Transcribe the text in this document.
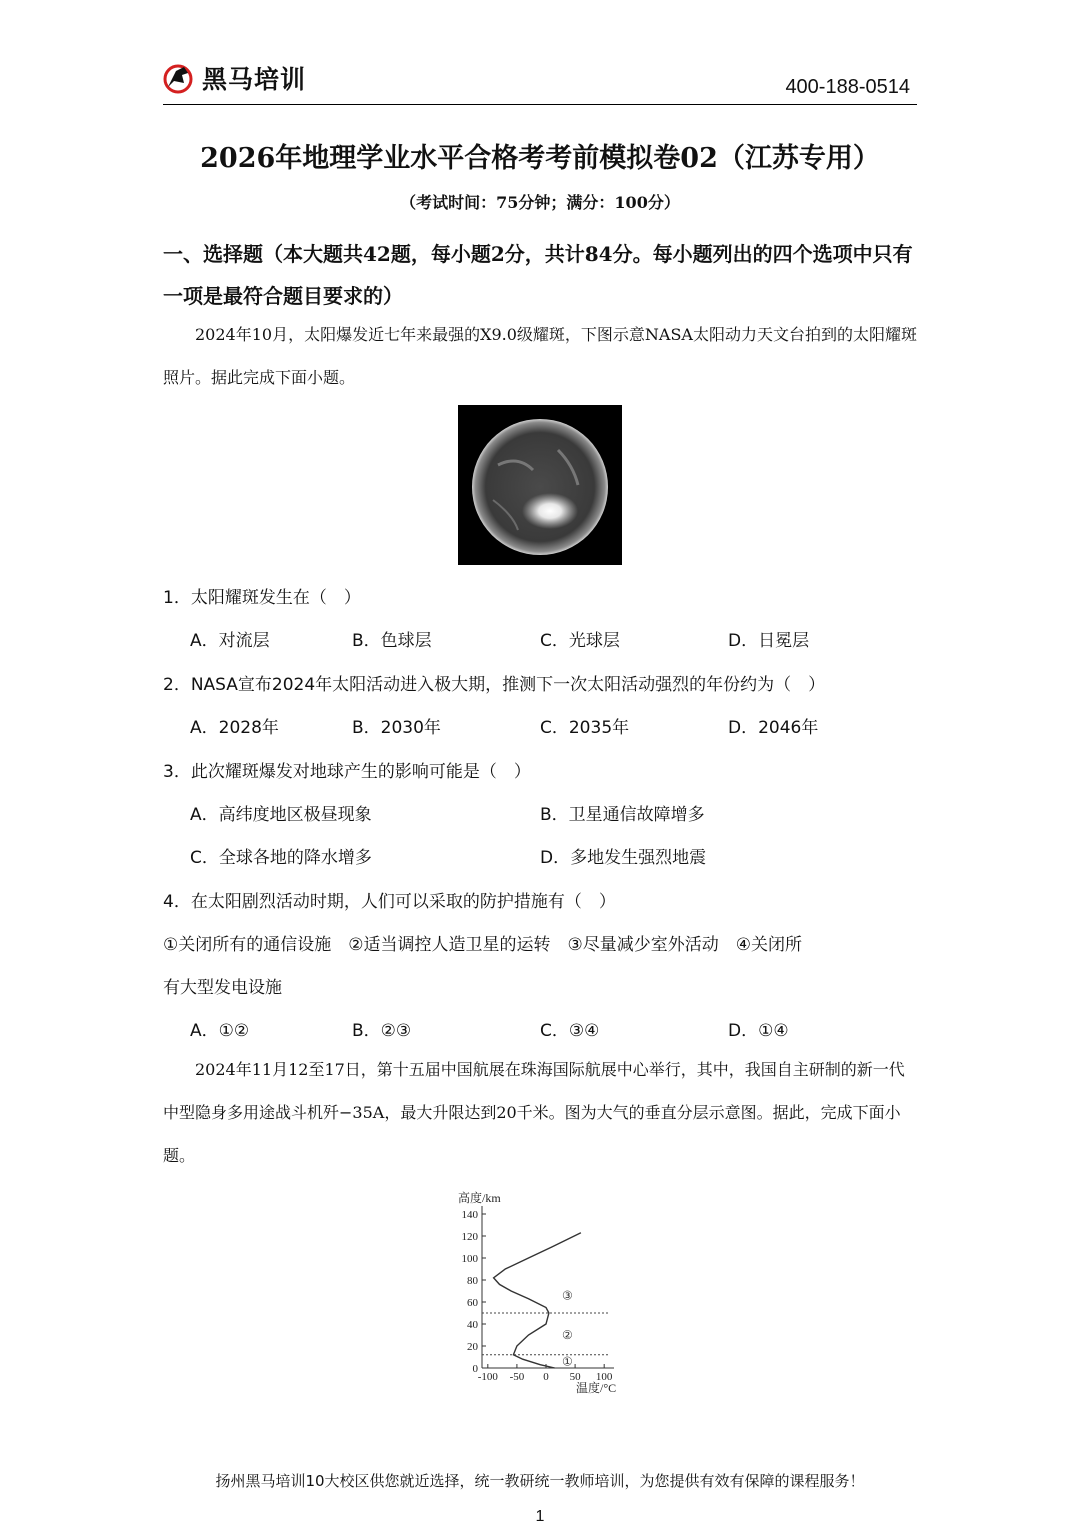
黑马培训	400-188-0514
2026年地理学业水平合格考考前模拟卷02（江苏专用）
（考试时间：75分钟；满分：100分）
一、选择题（本大题共42题，每小题2分，共计84分。每小题列出的四个选项中只有一项是最符合题目要求的）
2024年10月，太阳爆发近七年来最强的X9.0级耀斑，下图示意NASA太阳动力天文台拍到的太阳耀斑照片。据此完成下面小题。
1．太阳耀斑发生在（　）
A．对流层	B．色球层	C．光球层	D．日冕层
2．NASA宣布2024年太阳活动进入极大期，推测下一次太阳活动强烈的年份约为（　）
A．2028年	B．2030年	C．2035年	D．2046年
3．此次耀斑爆发对地球产生的影响可能是（　）
A．高纬度地区极昼现象	B．卫星通信故障增多
C．全球各地的降水增多	D．多地发生强烈地震
4．在太阳剧烈活动时期，人们可以采取的防护措施有（　）
①关闭所有的通信设施　②适当调控人造卫星的运转　③尽量减少室外活动　④关闭所
有大型发电设施
A．①②	B．②③	C．③④	D．①④
2024年11月12至17日，第十五届中国航展在珠海国际航展中心举行，其中，我国自主研制的新一代中型隐身多用途战斗机歼−35A，最大升限达到20千米。图为大气的垂直分层示意图。据此，完成下面小题。
140
120
100
80
60
40
20
0
-100 -50 0 50 100
高度/km
温度/°C
①
②
③
扬州黑马培训10大校区供您就近选择，统一教研统一教师培训，为您提供有效有保障的课程服务！
1
